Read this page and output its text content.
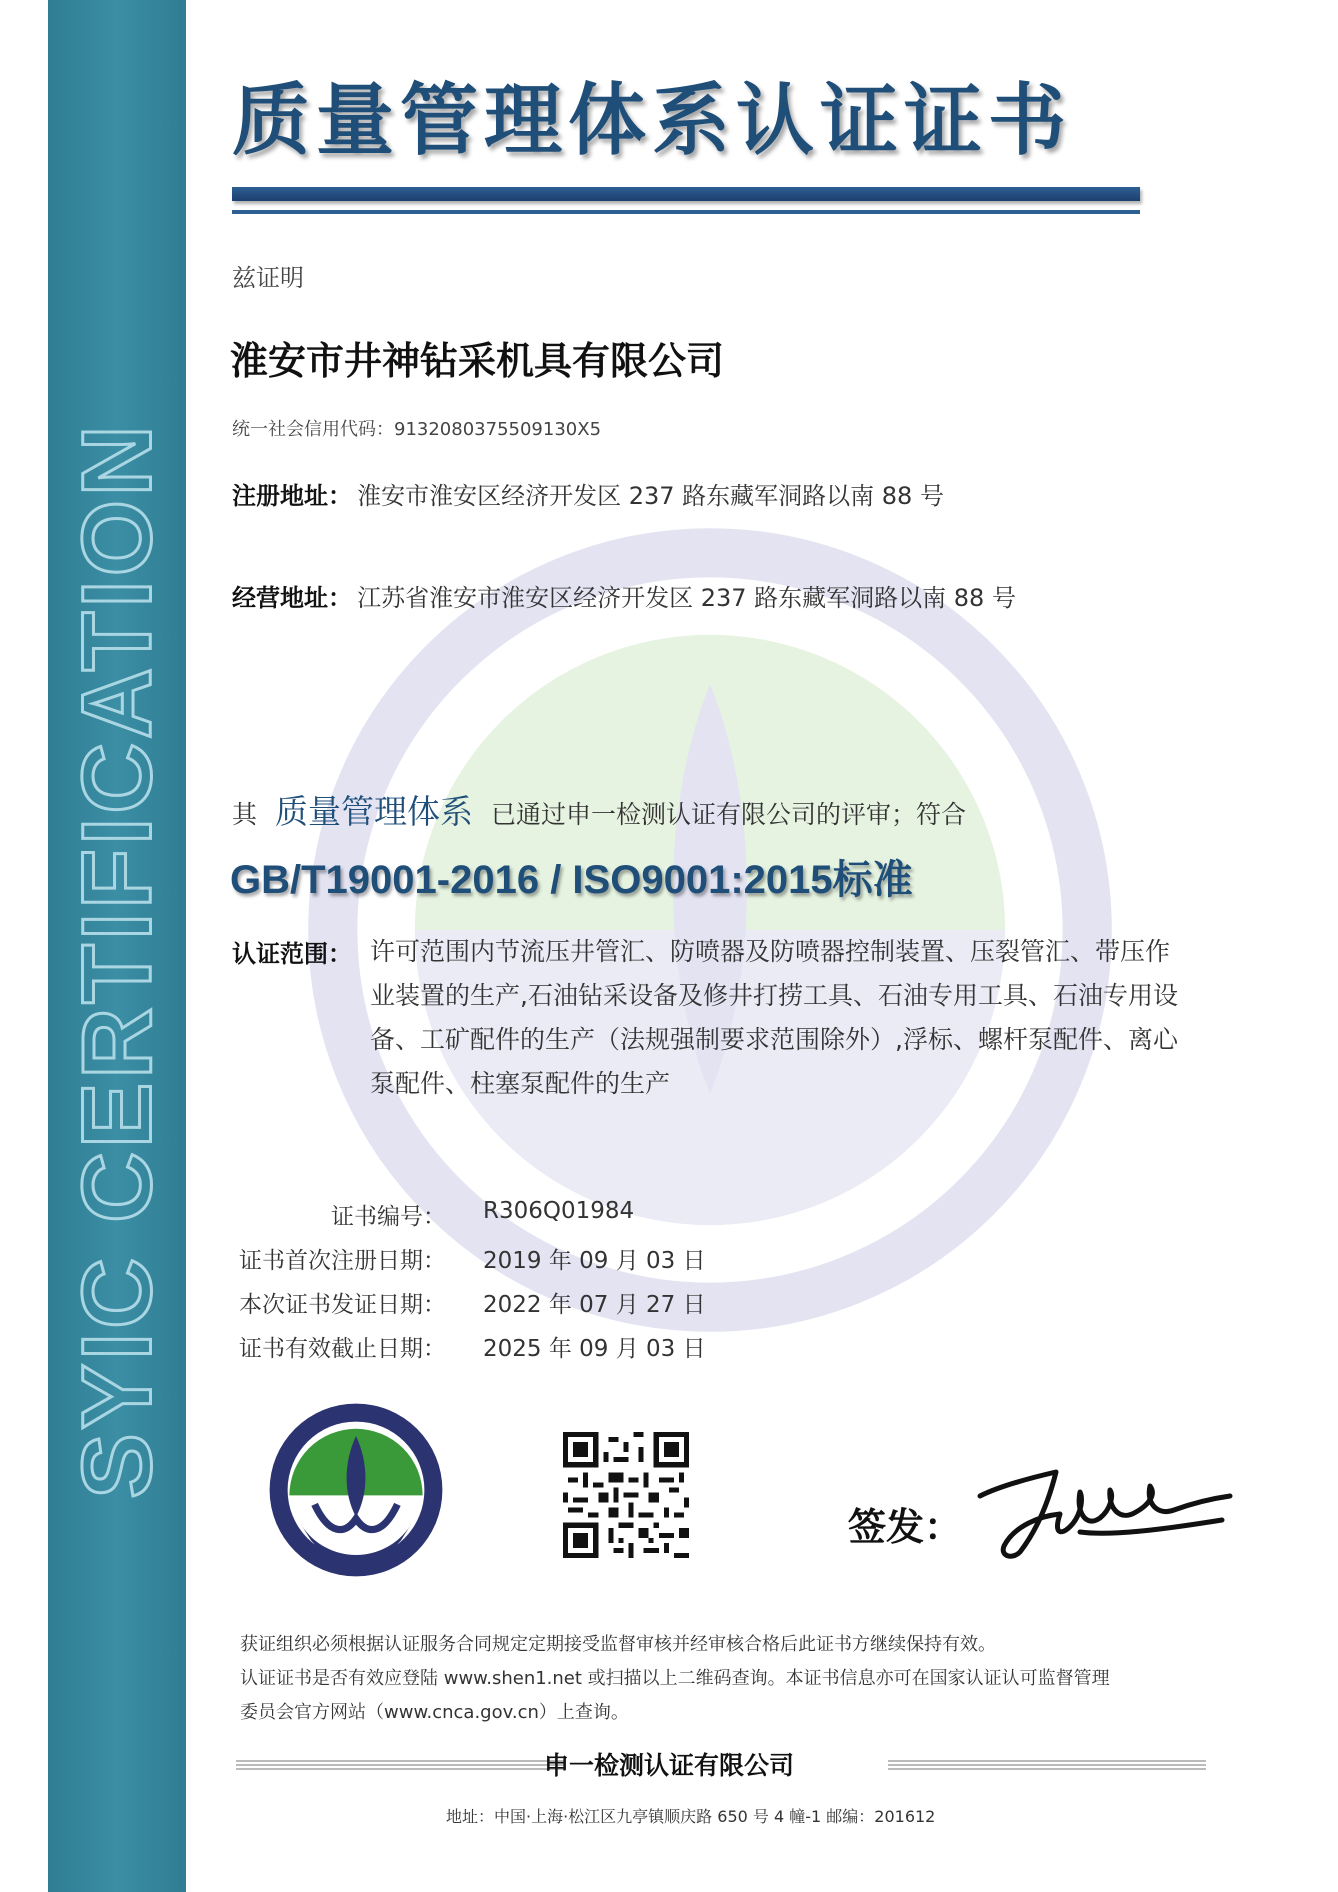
SYIC CERTIFICATION
质量管理体系认证证书
兹证明
淮安市井神钻采机具有限公司
统一社会信用代码：9132080375509130X5
注册地址： 淮安市淮安区经济开发区 237 路东藏军洞路以南 88 号
经营地址： 江苏省淮安市淮安区经济开发区 237 路东藏军洞路以南 88 号
其 质量管理体系 已通过申一检测认证有限公司的评审；符合
GB/T19001-2016 / ISO9001:2015标准
认证范围： 许可范围内节流压井管汇、防喷器及防喷器控制装置、压裂管汇、带压作业装置的生产,石油钻采设备及修井打捞工具、石油专用工具、石油专用设备、工矿配件的生产（法规强制要求范围除外）,浮标、螺杆泵配件、离心泵配件、柱塞泵配件的生产
证书编号： R306Q01984
证书首次注册日期： 2019 年 09 月 03 日
本次证书发证日期： 2022 年 07 月 27 日
证书有效截止日期： 2025 年 09 月 03 日
SYIC	签发：
获证组织必须根据认证服务合同规定定期接受监督审核并经审核合格后此证书方继续保持有效。
认证证书是否有效应登陆 www.shen1.net 或扫描以上二维码查询。本证书信息亦可在国家认证认可监督管理
委员会官方网站（www.cnca.gov.cn）上查询。
申一检测认证有限公司
地址：中国·上海·松江区九亭镇顺庆路 650 号 4 幢-1 邮编：201612
